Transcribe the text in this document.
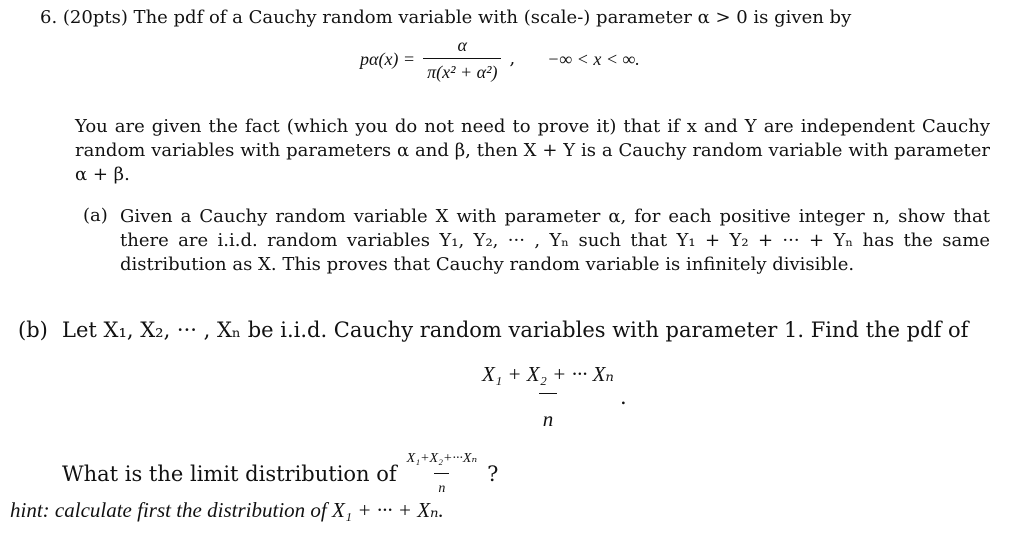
6. (20pts) The pdf of a Cauchy random variable with (scale-) parameter α > 0 is given by
$p\alpha(x) = \frac{\alpha}{\text{π(x² + α²)}}$ , −∞ < x < ∞.
You are given the fact (which you do not need to prove it) that if x and Y are independent Cauchy random variables with parameters α and β, then X + Y is a Cauchy random variable with parameter α + β.
(a) Given a Cauchy random variable X with parameter α, for each positive integer n, show that there are i.i.d. random variables Y₁, Y₂, ··· , Yₙ such that Y₁ + Y₂ + ··· + Yₙ has the same distribution as X. This proves that Cauchy random variable is infinitely divisible.
(b) Let X₁, X₂, ··· , Xₙ be i.i.d. Cauchy random variables with parameter 1. Find the pdf of
$\frac{\text{X₁ + X₂ + ··· Xₙ}}{n}$ .
What is the limit distribution of $\frac{\text{X₁+X₂+···Xₙ}}{n}$ ?
hint: calculate first the distribution of X₁ + ··· + Xₙ.
